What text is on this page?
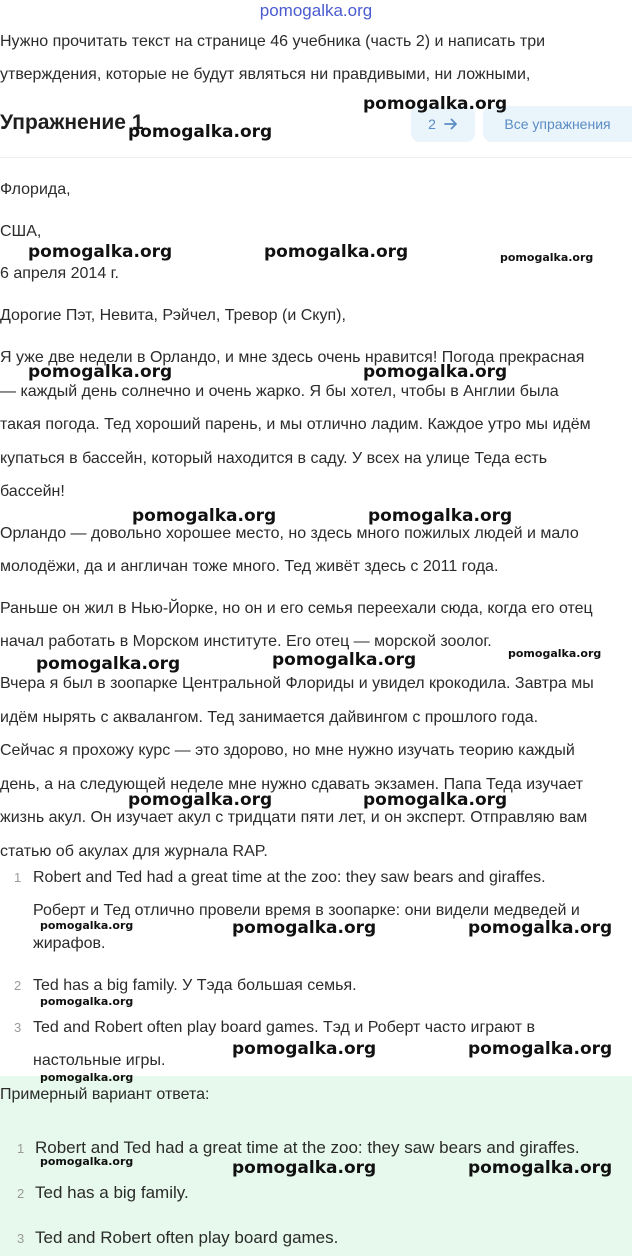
pomogalka.org
Нужно прочитать текст на странице 46 учебника (часть 2) и написать три
утверждения, которые не будут являться ни правдивыми, ни ложными,
Упражнение 1	2	Все упражнения
Флорида,
США,
6 апреля 2014 г.
Дорогие Пэт, Невита, Рэйчел, Тревор (и Скуп),
Я уже две недели в Орландо, и мне здесь очень нравится! Погода прекрасная
— каждый день солнечно и очень жарко. Я бы хотел, чтобы в Англии была
такая погода. Тед хороший парень, и мы отлично ладим. Каждое утро мы идём
купаться в бассейн, который находится в саду. У всех на улице Теда есть
бассейн!
Орландо — довольно хорошее место, но здесь много пожилых людей и мало
молодёжи, да и англичан тоже много. Тед живёт здесь с 2011 года.
Раньше он жил в Нью-Йорке, но он и его семья переехали сюда, когда его отец
начал работать в Морском институте. Его отец — морской зоолог.
Вчера я был в зоопарке Центральной Флориды и увидел крокодила. Завтра мы
идём нырять с аквалангом. Тед занимается дайвингом с прошлого года.
Сейчас я прохожу курс — это здорово, но мне нужно изучать теорию каждый
день, а на следующей неделе мне нужно сдавать экзамен. Папа Теда изучает
жизнь акул. Он изучает акул с тридцати пяти лет, и он эксперт. Отправляю вам
статью об акулах для журнала RAP.
1 Robert and Ted had a great time at the zoo: they saw bears and giraffes.
Роберт и Тед отлично провели время в зоопарке: они видели медведей и
жирафов.
2 Ted has a big family. У Тэда большая семья.
3 Ted and Robert often play board games. Тэд и Роберт часто играют в
настольные игры.
Примерный вариант ответа:
1 Robert and Ted had a great time at the zoo: they saw bears and giraffes.
2 Ted has a big family.
3 Ted and Robert often play board games.
pomogalka.org
pomogalka.org
pomogalka.org	pomogalka.org	pomogalka.org
pomogalka.org	pomogalka.org
pomogalka.org	pomogalka.org
pomogalka.org	pomogalka.org	pomogalka.org
pomogalka.org	pomogalka.org
pomogalka.org	pomogalka.org	pomogalka.org
pomogalka.org
pomogalka.org	pomogalka.org
pomogalka.org
pomogalka.org	pomogalka.org	pomogalka.org
